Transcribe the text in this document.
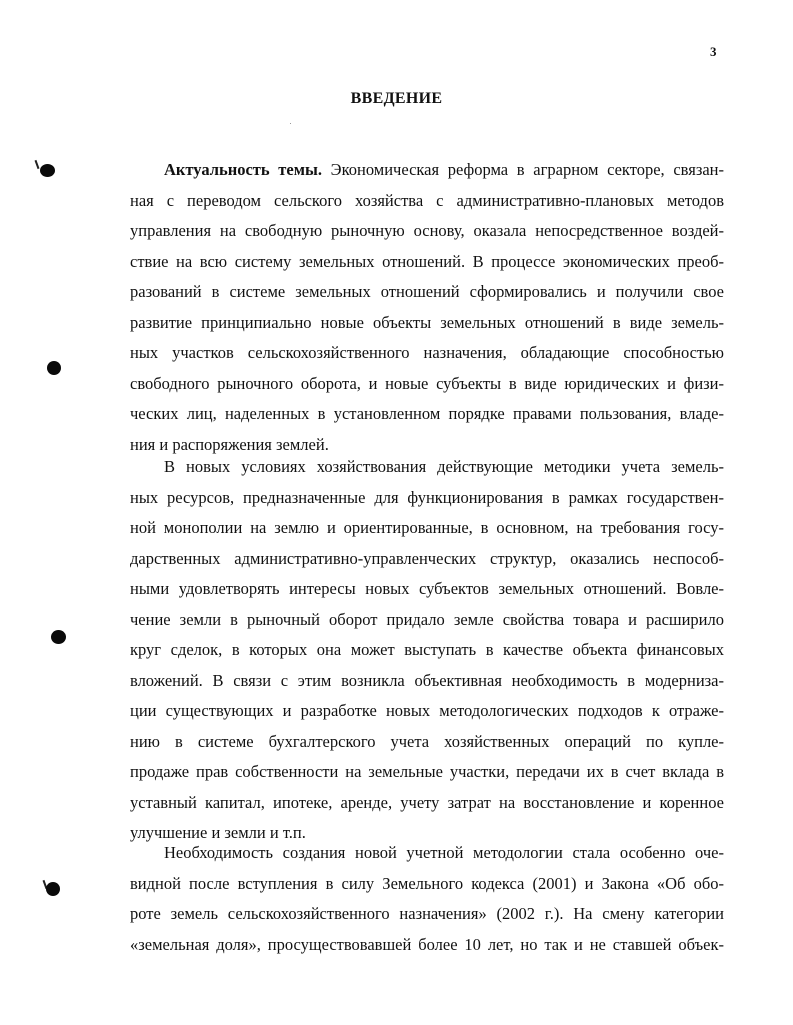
3
ВВЕДЕНИЕ
Актуальность темы. Экономическая реформа в аграрном секторе, связан-
ная с переводом сельского хозяйства с административно-плановых методов
управления на свободную рыночную основу, оказала непосредственное воздей-
ствие на всю систему земельных отношений. В процессе экономических преоб-
разований в системе земельных отношений сформировались и получили свое
развитие принципиально новые объекты земельных отношений в виде земель-
ных участков сельскохозяйственного назначения, обладающие способностью
свободного рыночного оборота, и новые субъекты в виде юридических и физи-
ческих лиц, наделенных в установленном порядке правами пользования, владе-
ния и распоряжения землей.
В новых условиях хозяйствования действующие методики учета земель-
ных ресурсов, предназначенные для функционирования в рамках государствен-
ной монополии на землю и ориентированные, в основном, на требования госу-
дарственных административно-управленческих структур, оказались неспособ-
ными удовлетворять интересы новых субъектов земельных отношений. Вовле-
чение земли в рыночный оборот придало земле свойства товара и расширило
круг сделок, в которых она может выступать в качестве объекта финансовых
вложений. В связи с этим возникла объективная необходимость в модерниза-
ции существующих и разработке новых методологических подходов к отраже-
нию в системе бухгалтерского учета хозяйственных операций по купле-
продаже прав собственности на земельные участки, передачи их в счет вклада в
уставный капитал, ипотеке, аренде, учету затрат на восстановление и коренное
улучшение и земли и т.п.
Необходимость создания новой учетной методологии стала особенно оче-
видной после вступления в силу Земельного кодекса (2001) и Закона «Об обо-
роте земель сельскохозяйственного назначения» (2002 г.). На смену категории
«земельная доля», просуществовавшей более 10 лет, но так и не ставшей объек-
